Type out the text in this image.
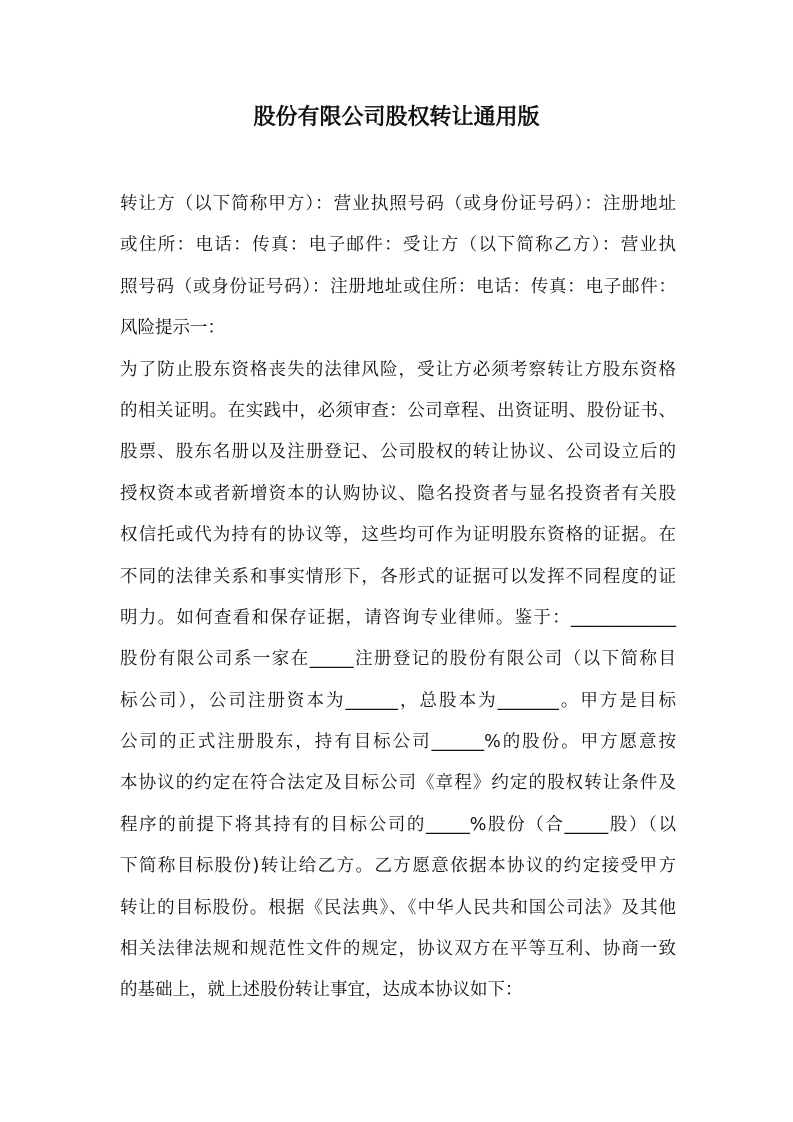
股份有限公司股权转让通用版
转让方（以下简称甲方）：营业执照号码（或身份证号码）：注册地址
或住所：电话：传真：电子邮件：受让方（以下简称乙方）：营业执
照号码（或身份证号码）：注册地址或住所：电话：传真：电子邮件：
风险提示一：
为了防止股东资格丧失的法律风险，受让方必须考察转让方股东资格
的相关证明。在实践中，必须审查：公司章程、出资证明、股份证书、
股票、股东名册以及注册登记、公司股权的转让协议、公司设立后的
授权资本或者新增资本的认购协议、隐名投资者与显名投资者有关股
权信托或代为持有的协议等，这些均可作为证明股东资格的证据。在
不同的法律关系和事实情形下，各形式的证据可以发挥不同程度的证
明力。如何查看和保存证据，请咨询专业律师。鉴于：____________
股份有限公司系一家在_____注册登记的股份有限公司（以下简称目
标公司），公司注册资本为______，总股本为_______。甲方是目标
公司的正式注册股东，持有目标公司______%的股份。甲方愿意按
本协议的约定在符合法定及目标公司《章程》约定的股权转让条件及
程序的前提下将其持有的目标公司的_____%股份（合_____股）（以
下简称目标股份)转让给乙方。乙方愿意依据本协议的约定接受甲方
转让的目标股份。根据《民法典》、《中华人民共和国公司法》及其他
相关法律法规和规范性文件的规定，协议双方在平等互利、协商一致
的基础上，就上述股份转让事宜，达成本协议如下：
